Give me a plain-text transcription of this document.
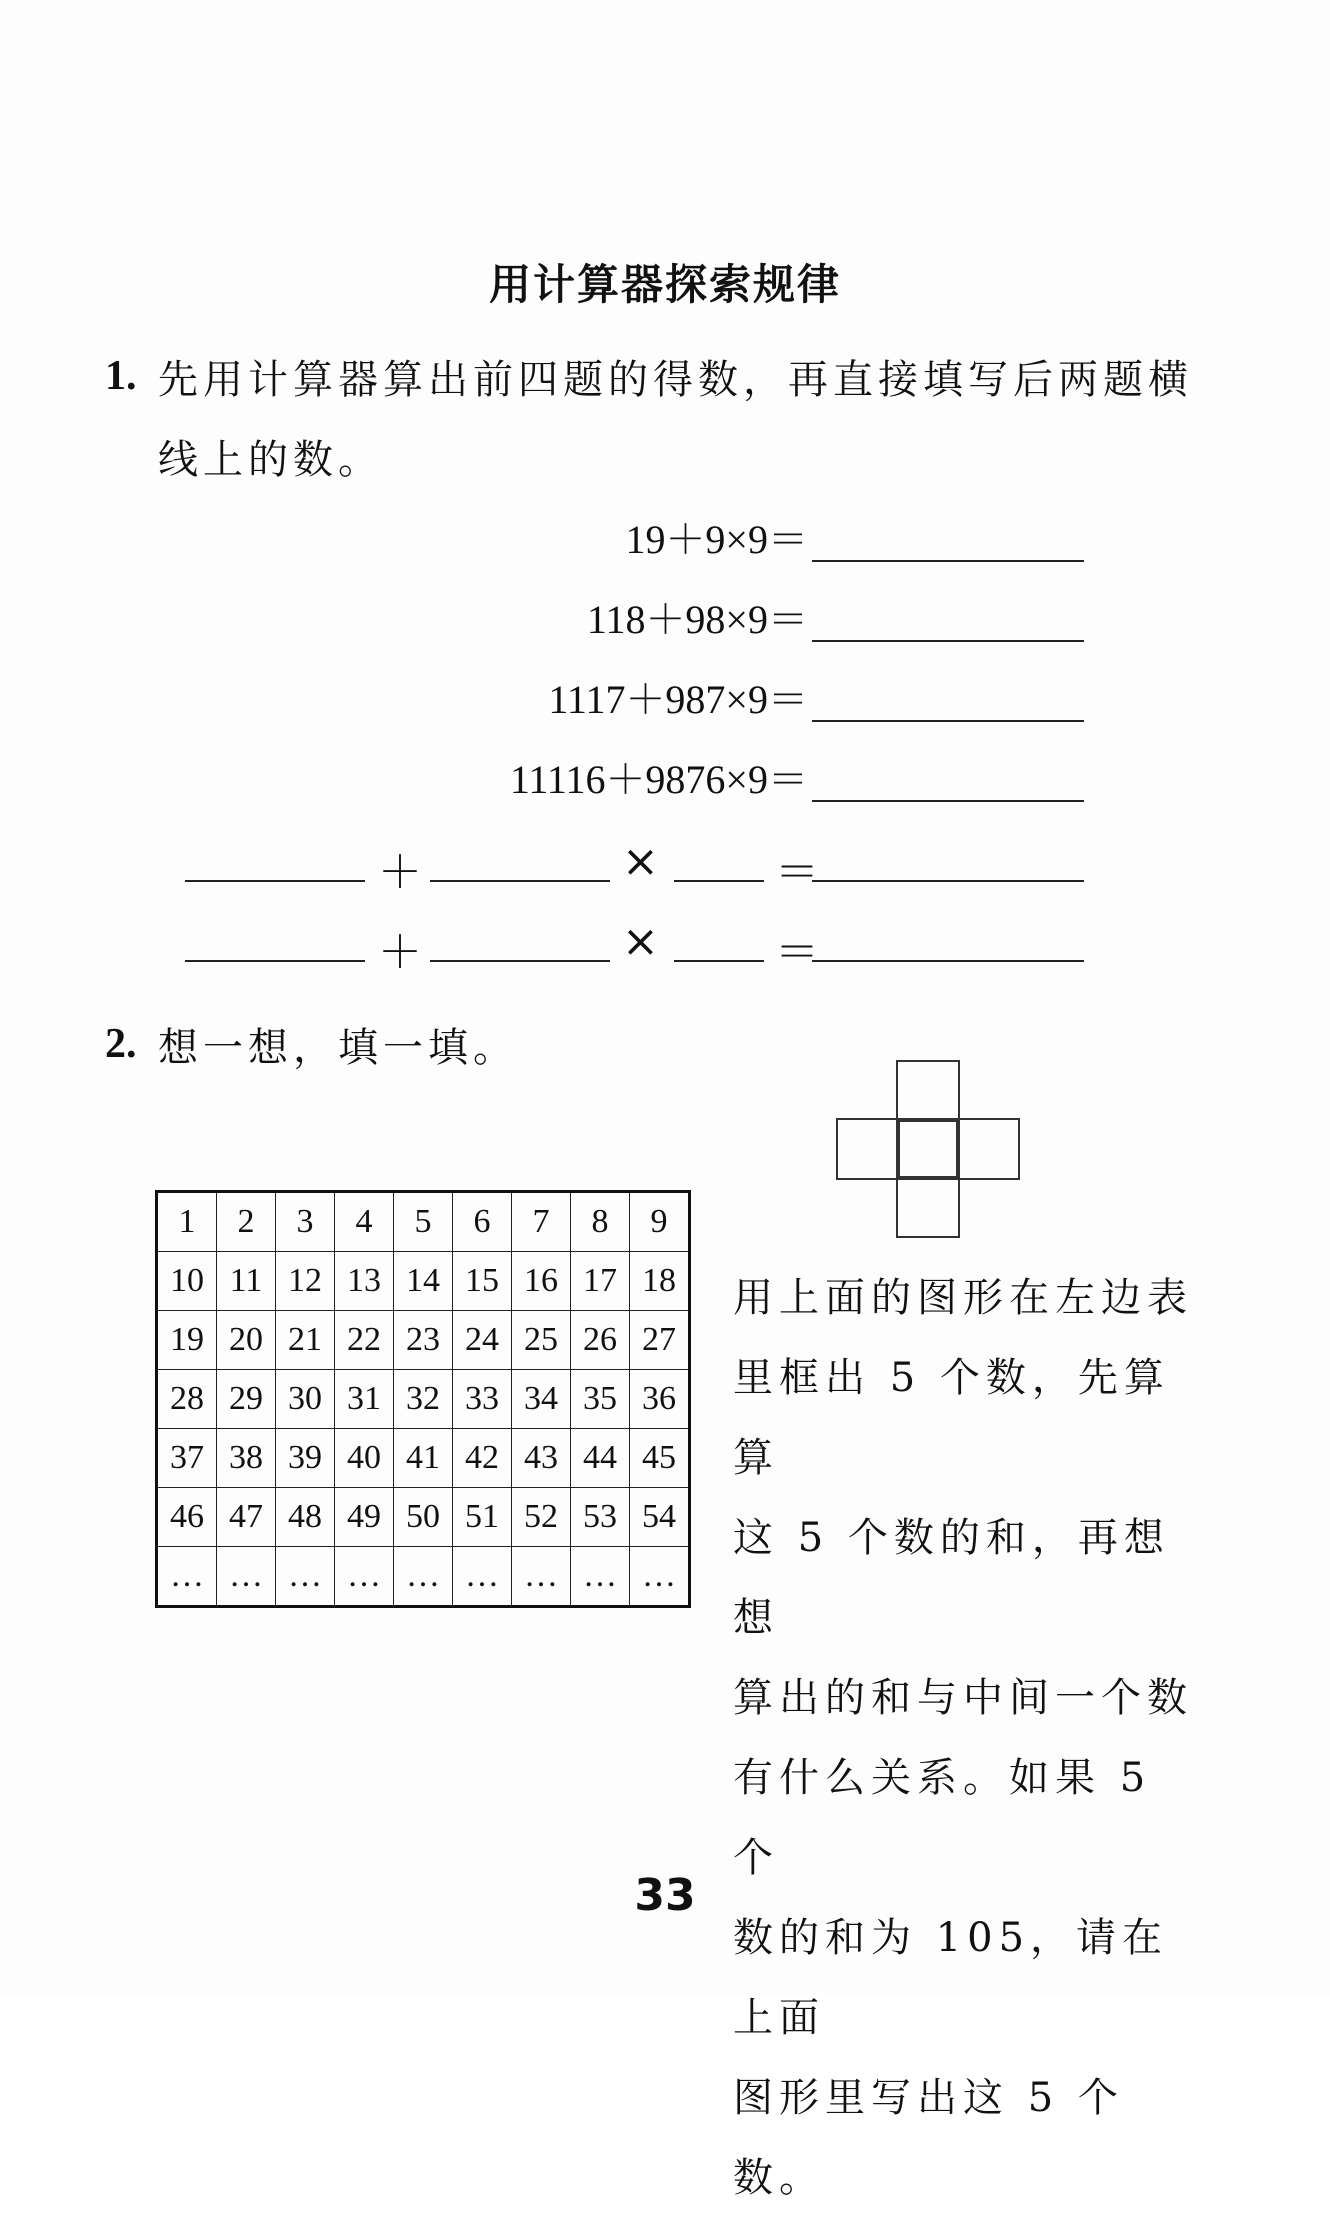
用计算器探索规律
1. 先用计算器算出前四题的得数，再直接填写后两题横
线上的数。
19＋9×9＝
118＋98×9＝
1117＋987×9＝
11116＋9876×9＝
＋	×	＝
＋	×	＝
2. 想一想，填一填。
1	2	3	4	5	6	7	8	9
10	11	12	13	14	15	16	17	18
19	20	21	22	23	24	25	26	27
28	29	30	31	32	33	34	35	36
37	38	39	40	41	42	43	44	45
46	47	48	49	50	51	52	53	54
…	…	…	…	…	…	…	…	…
用上面的图形在左边表
里框出 5 个数，先算算
这 5 个数的和，再想想
算出的和与中间一个数
有什么关系。如果 5 个
数的和为 105，请在上面
图形里写出这 5 个数。
33
